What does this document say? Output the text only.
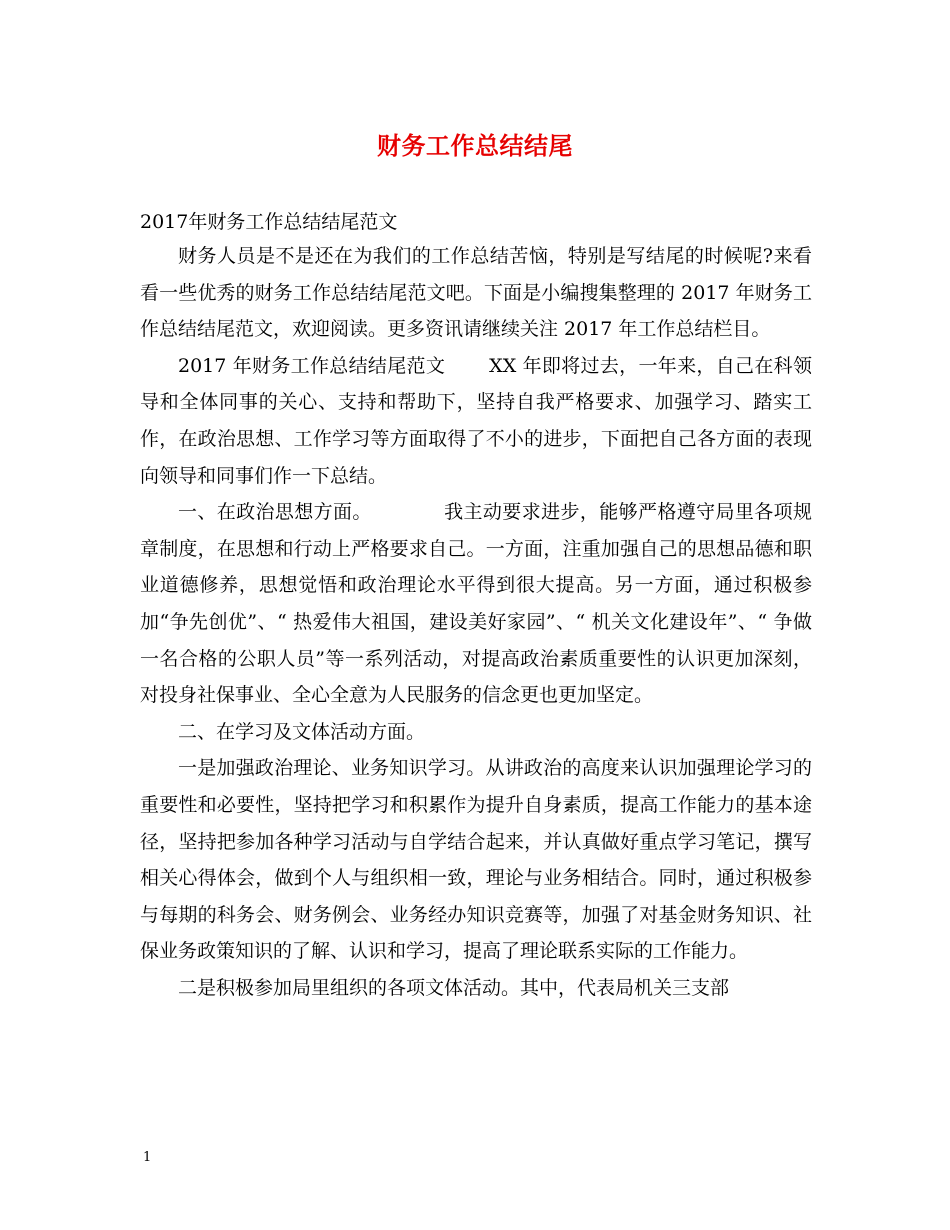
财务工作总结结尾
2017年财务工作总结结尾范文

财务人员是不是还在为我们的工作总结苦恼，特别是写结尾的时候呢?来看看一些优秀的财务工作总结结尾范文吧。下面是小编搜集整理的 2017 年财务工作总结结尾范文，欢迎阅读。更多资讯请继续关注 2017 年工作总结栏目。

2017 年财务工作总结结尾范文 XX 年即将过去，一年来，自己在科领导和全体同事的关心、支持和帮助下，坚持自我严格要求、加强学习、踏实工作，在政治思想、工作学习等方面取得了不小的进步，下面把自己各方面的表现向领导和同事们作一下总结。

一、在政治思想方面。	我主动要求进步，能够严格遵守局里各项规章制度，在思想和行动上严格要求自己。一方面，注重加强自己的思想品德和职业道德修养，思想觉悟和政治理论水平得到很大提高。另一方面，通过积极参加“争先创优”、“ 热爱伟大祖国，建设美好家园”、“ 机关文化建设年”、“ 争做一名合格的公职人员”等一系列活动，对提高政治素质重要性的认识更加深刻，对投身社保事业、全心全意为人民服务的信念更也更加坚定。

二、在学习及文体活动方面。

一是加强政治理论、业务知识学习。从讲政治的高度来认识加强理论学习的重要性和必要性，坚持把学习和积累作为提升自身素质，提高工作能力的基本途径，坚持把参加各种学习活动与自学结合起来，并认真做好重点学习笔记，撰写相关心得体会，做到个人与组织相一致，理论与业务相结合。同时，通过积极参与每期的科务会、财务例会、业务经办知识竞赛等，加强了对基金财务知识、社保业务政策知识的了解、认识和学习，提高了理论联系实际的工作能力。

二是积极参加局里组织的各项文体活动。其中，代表局机关三支部

1
